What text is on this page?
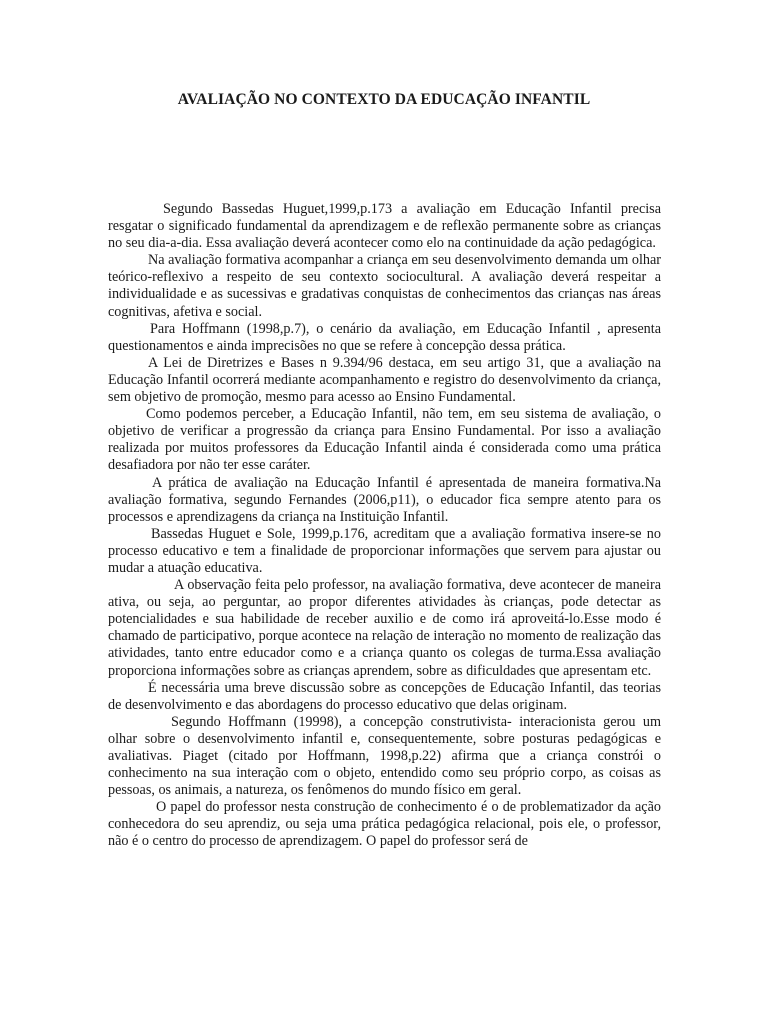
AVALIAÇÃO NO CONTEXTO DA EDUCAÇÃO INFANTIL

Segundo Bassedas Huguet,1999,p.173 a avaliação em Educação Infantil precisa resgatar o significado fundamental da aprendizagem e de reflexão permanente sobre as crianças no seu dia-a-dia. Essa avaliação deverá acontecer como elo na continuidade da ação pedagógica.

Na avaliação formativa acompanhar a criança em seu desenvolvimento demanda um olhar teórico-reflexivo a respeito de seu contexto sociocultural. A avaliação deverá respeitar a individualidade e as sucessivas e gradativas conquistas de conhecimentos das crianças nas áreas cognitivas, afetiva e social.

Para Hoffmann (1998,p.7), o cenário da avaliação, em Educação Infantil , apresenta questionamentos e ainda imprecisões no que se refere à concepção dessa prática.

A Lei de Diretrizes e Bases n 9.394/96 destaca, em seu artigo 31, que a avaliação na Educação Infantil ocorrerá mediante acompanhamento e registro do desenvolvimento da criança, sem objetivo de promoção, mesmo para acesso ao Ensino Fundamental.

Como podemos perceber, a Educação Infantil, não tem, em seu sistema de avaliação, o objetivo de verificar a progressão da criança para Ensino Fundamental. Por isso a avaliação realizada por muitos professores da Educação Infantil ainda é considerada como uma prática desafiadora por não ter esse caráter.

A prática de avaliação na Educação Infantil é apresentada de maneira formativa.Na avaliação formativa, segundo Fernandes (2006,p11), o educador fica sempre atento para os processos e aprendizagens da criança na Instituição Infantil.

Bassedas Huguet e Sole, 1999,p.176, acreditam que a avaliação formativa insere-se no processo educativo e tem a finalidade de proporcionar informações que servem para ajustar ou mudar a atuação educativa.

A observação feita pelo professor, na avaliação formativa, deve acontecer de maneira ativa, ou seja, ao perguntar, ao propor diferentes atividades às crianças, pode detectar as potencialidades e sua habilidade de receber auxilio e de como irá aproveitá-lo.Esse modo é chamado de participativo, porque acontece na relação de interação no momento de realização das atividades, tanto entre educador como e a criança quanto os colegas de turma.Essa avaliação proporciona informações sobre as crianças aprendem, sobre as dificuldades que apresentam etc.

É necessária uma breve discussão sobre as concepções de Educação Infantil, das teorias de desenvolvimento e das abordagens do processo educativo que delas originam.

Segundo Hoffmann (19998), a concepção construtivista- interacionista gerou um olhar sobre o desenvolvimento infantil e, consequentemente, sobre posturas pedagógicas e avaliativas. Piaget (citado por Hoffmann, 1998,p.22) afirma que a criança constrói o conhecimento na sua interação com o objeto, entendido como seu próprio corpo, as coisas as pessoas, os animais, a natureza, os fenômenos do mundo físico em geral.

O papel do professor nesta construção de conhecimento é o de problematizador da ação conhecedora do seu aprendiz, ou seja uma prática pedagógica relacional, pois ele, o professor, não é o centro do processo de aprendizagem. O papel do professor será de
